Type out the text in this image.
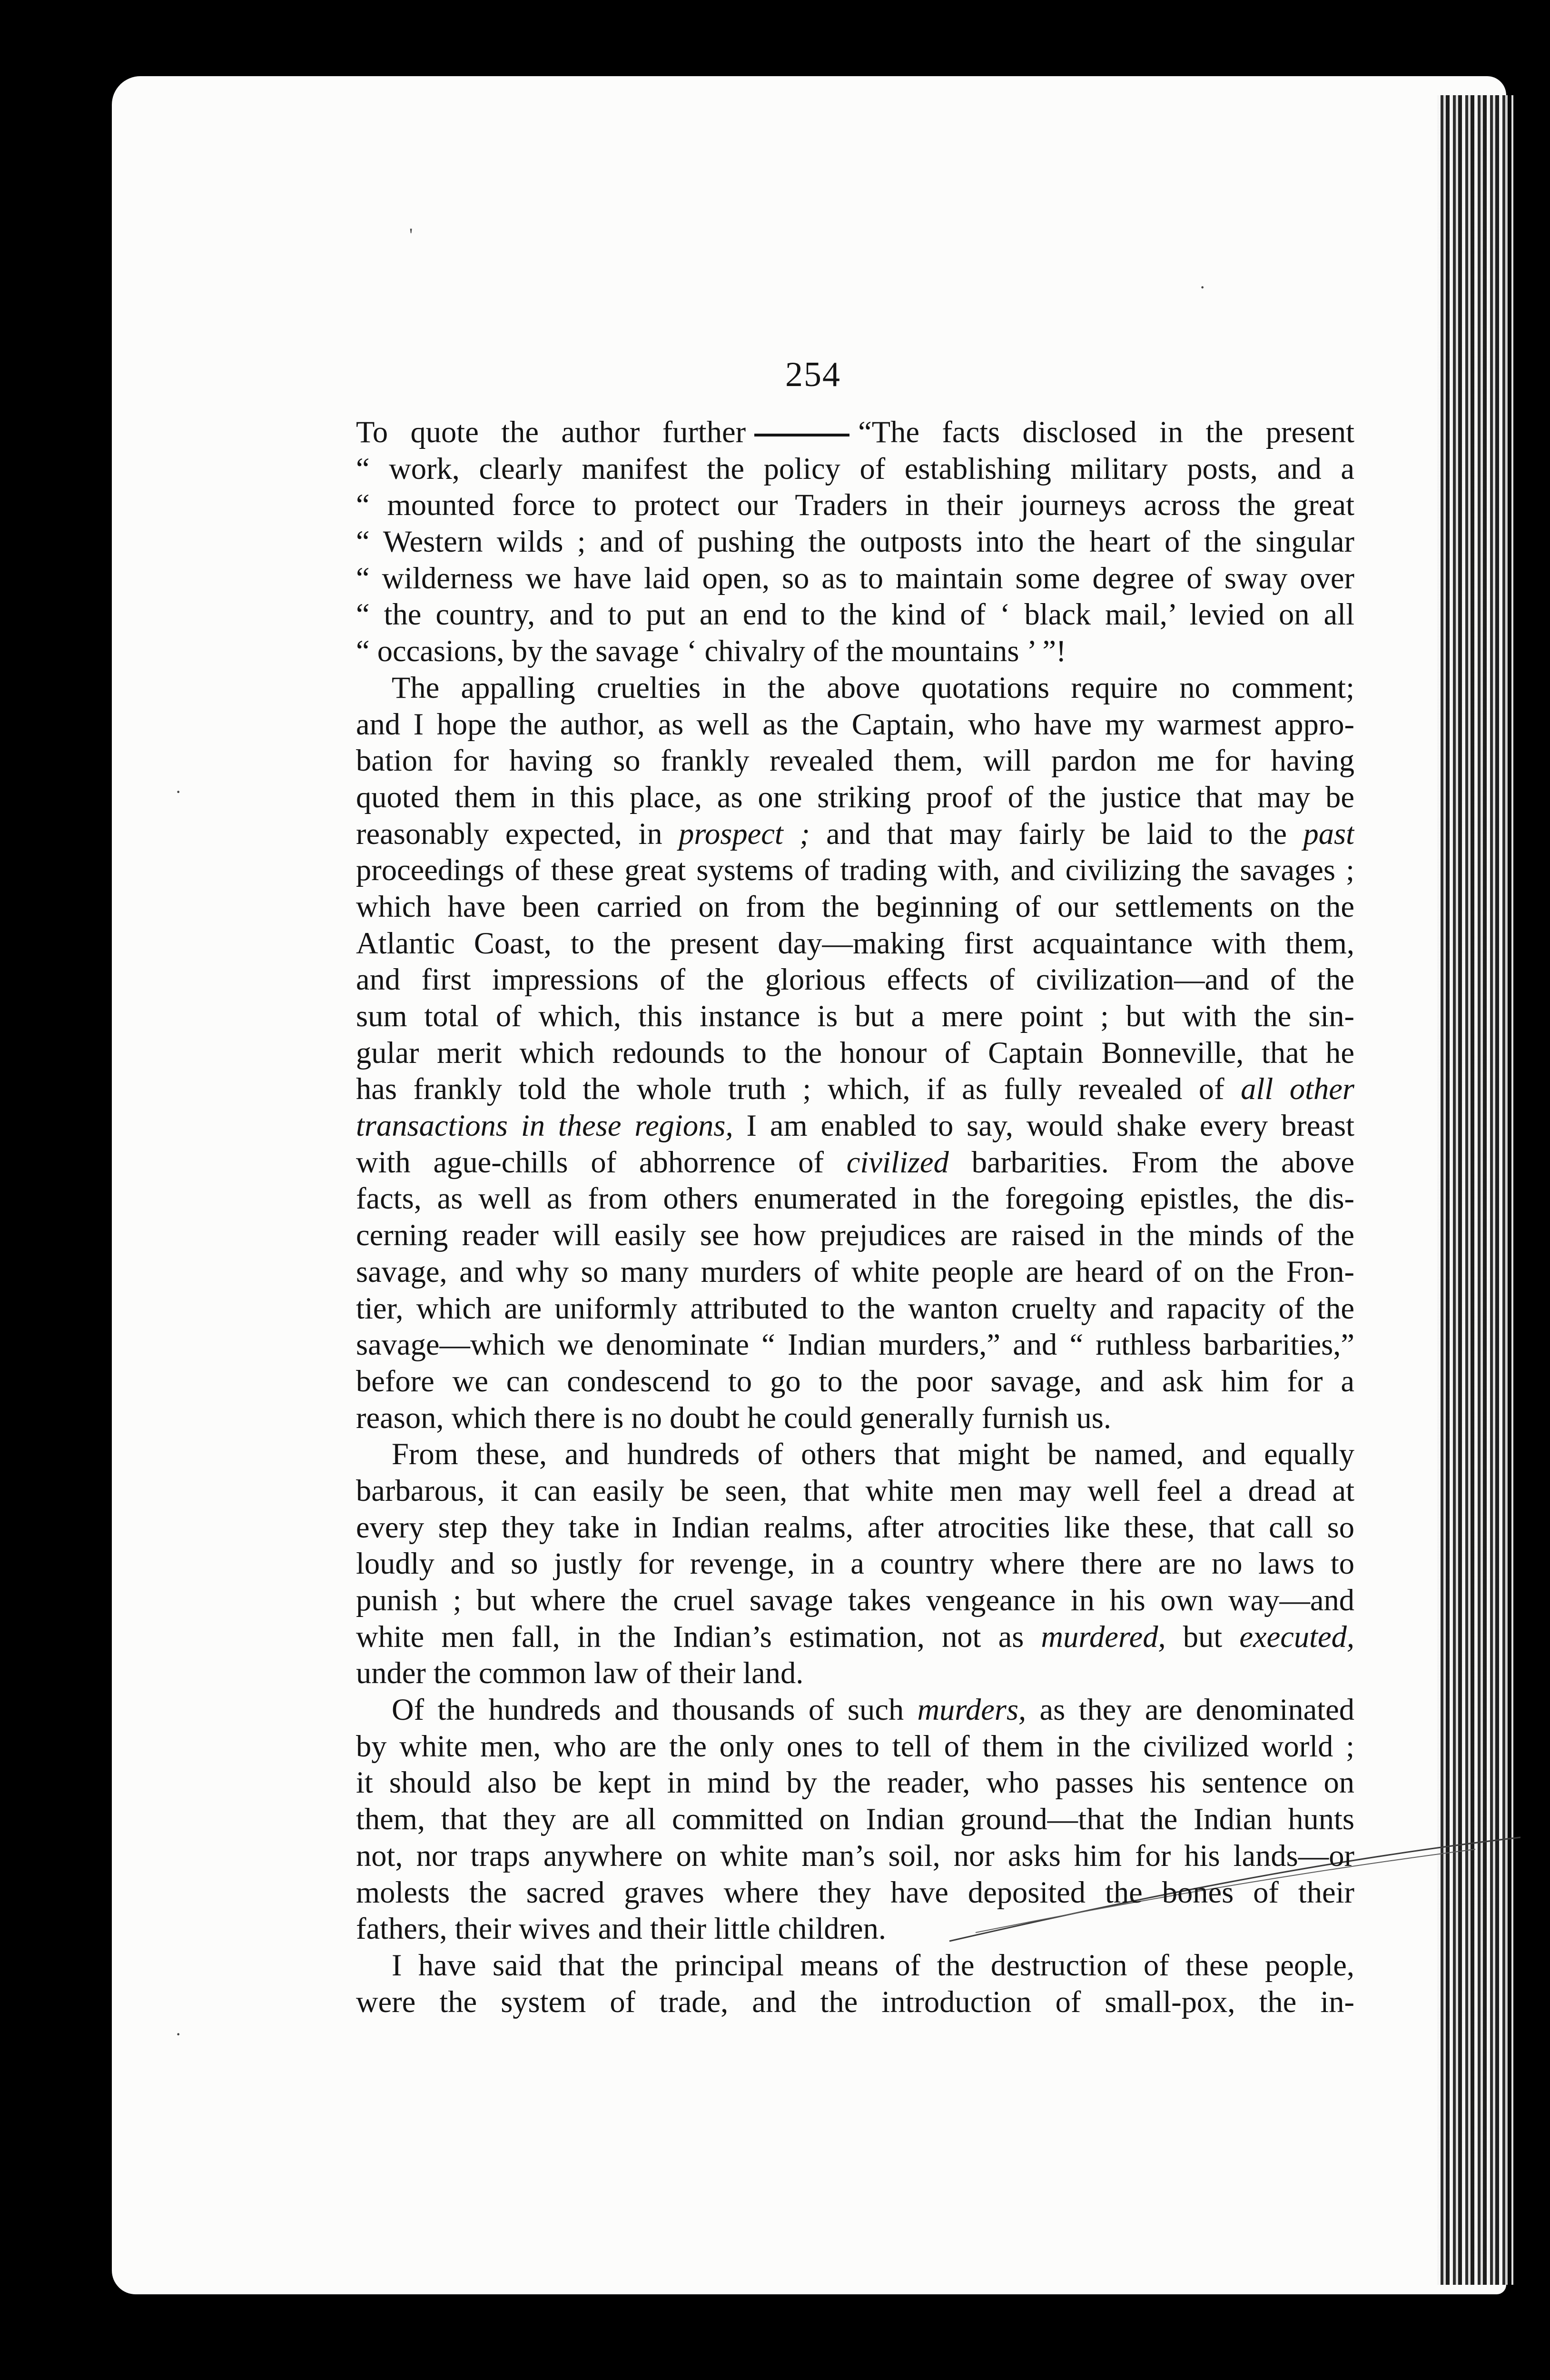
'
·
·
·
254
To quote the author further	“The facts disclosed in the present
“ work, clearly manifest the policy of establishing military posts, and a
“ mounted force to protect our Traders in their journeys across the great
“ Western wilds ; and of pushing the outposts into the heart of the singular
“ wilderness we have laid open, so as to maintain some degree of sway over
“ the country, and to put an end to the kind of ‘ black mail,’ levied on all
“ occasions, by the savage ‘ chivalry of the mountains ’ ”!
The appalling cruelties in the above quotations require no comment;
and I hope the author, as well as the Captain, who have my warmest appro-
bation for having so frankly revealed them, will pardon me for having
quoted them in this place, as one striking proof of the justice that may be
reasonably expected, in prospect ; and that may fairly be laid to the past
proceedings of these great systems of trading with, and civilizing the savages ;
which have been carried on from the beginning of our settlements on the
Atlantic Coast, to the present day—making first acquaintance with them,
and first impressions of the glorious effects of civilization—and of the
sum total of which, this instance is but a mere point ; but with the sin-
gular merit which redounds to the honour of Captain Bonneville, that he
has frankly told the whole truth ; which, if as fully revealed of all other
transactions in these regions, I am enabled to say, would shake every breast
with ague-chills of abhorrence of civilized barbarities. From the above
facts, as well as from others enumerated in the foregoing epistles, the dis-
cerning reader will easily see how prejudices are raised in the minds of the
savage, and why so many murders of white people are heard of on the Fron-
tier, which are uniformly attributed to the wanton cruelty and rapacity of the
savage—which we denominate “ Indian murders,” and “ ruthless barbarities,”
before we can condescend to go to the poor savage, and ask him for a
reason, which there is no doubt he could generally furnish us.
From these, and hundreds of others that might be named, and equally
barbarous, it can easily be seen, that white men may well feel a dread at
every step they take in Indian realms, after atrocities like these, that call so
loudly and so justly for revenge, in a country where there are no laws to
punish ; but where the cruel savage takes vengeance in his own way—and
white men fall, in the Indian’s estimation, not as murdered, but executed,
under the common law of their land.
Of the hundreds and thousands of such murders, as they are denominated
by white men, who are the only ones to tell of them in the civilized world ;
it should also be kept in mind by the reader, who passes his sentence on
them, that they are all committed on Indian ground—that the Indian hunts
not, nor traps anywhere on white man’s soil, nor asks him for his lands—or
molests the sacred graves where they have deposited the bones of their
fathers, their wives and their little children.
I have said that the principal means of the destruction of these people,
were the system of trade, and the introduction of small-pox, the in-
